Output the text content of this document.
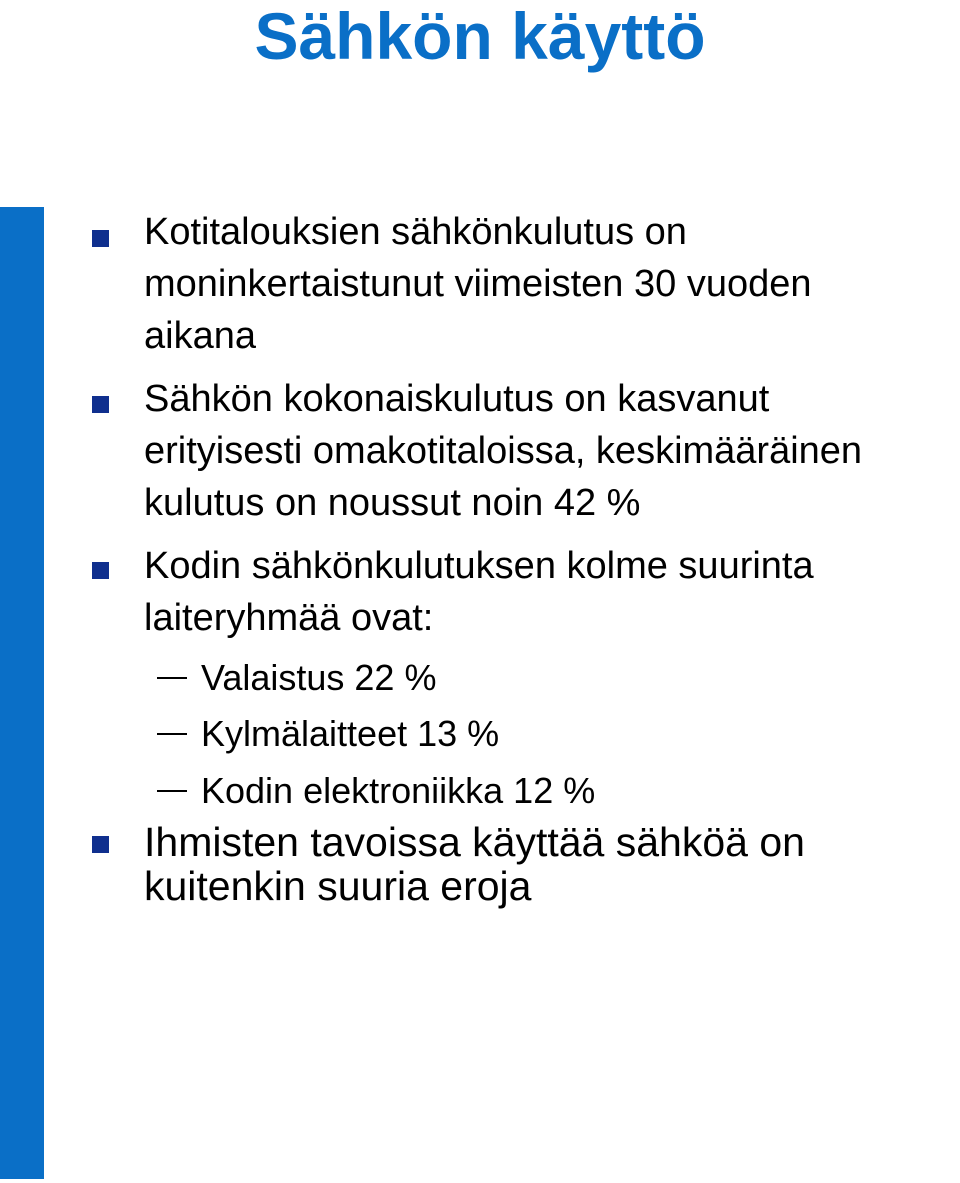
Sähkön käyttö
Kotitalouksien sähkönkulutus on
moninkertaistunut viimeisten 30 vuoden
aikana
Sähkön kokonaiskulutus on kasvanut
erityisesti omakotitaloissa, keskimääräinen
kulutus on noussut noin 42 %
Kodin sähkönkulutuksen kolme suurinta
laiteryhmää ovat:
Valaistus 22 %
Kylmälaitteet 13 %
Kodin elektroniikka 12 %
Ihmisten tavoissa käyttää sähköä on
kuitenkin suuria eroja
